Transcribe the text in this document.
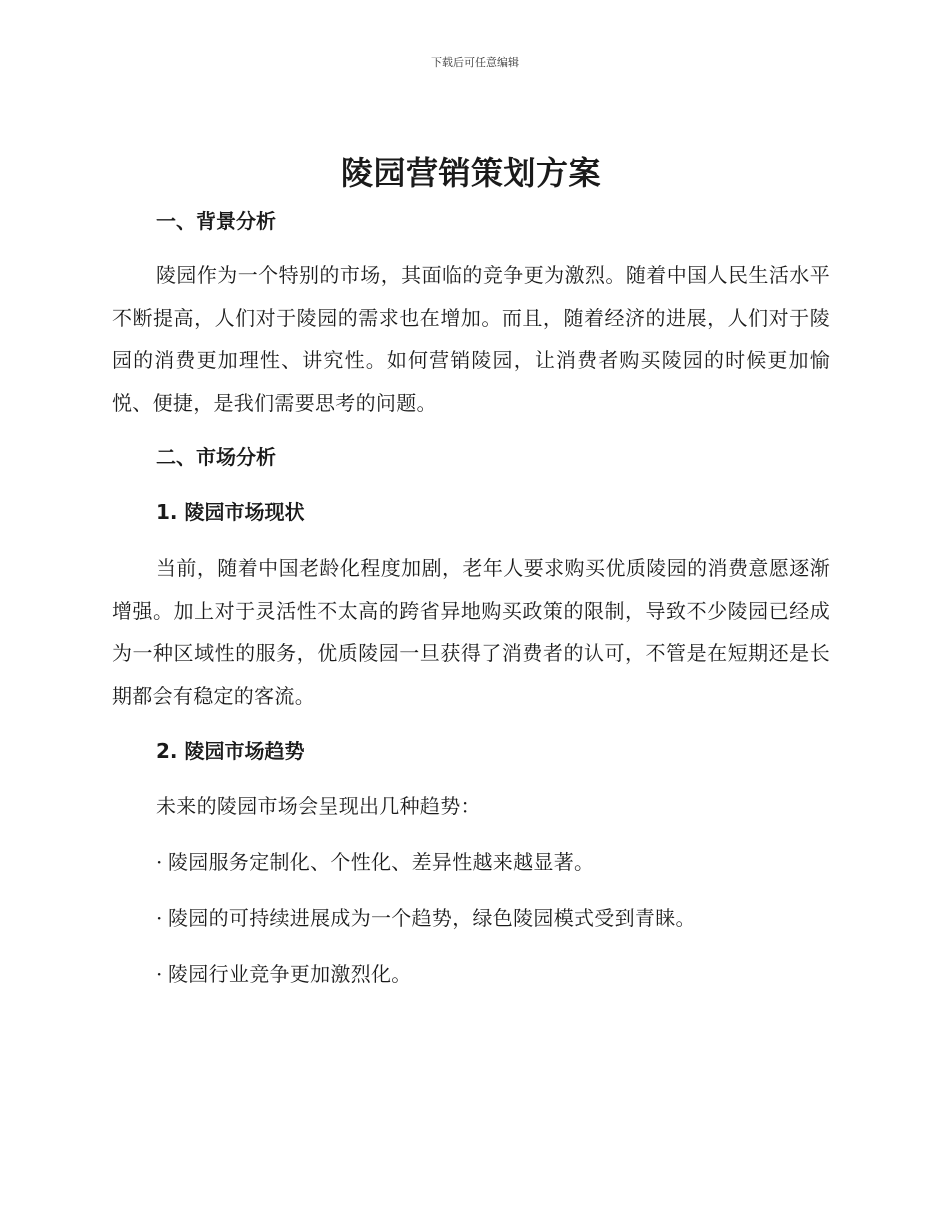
下载后可任意编辑
陵园营销策划方案
一、背景分析

陵园作为一个特别的市场，其面临的竞争更为激烈。随着中国人民生活水平不断提高，人们对于陵园的需求也在增加。而且，随着经济的进展，人们对于陵园的消费更加理性、讲究性。如何营销陵园，让消费者购买陵园的时候更加愉悦、便捷，是我们需要思考的问题。

二、市场分析
1. 陵园市场现状

当前，随着中国老龄化程度加剧，老年人要求购买优质陵园的消费意愿逐渐增强。加上对于灵活性不太高的跨省异地购买政策的限制，导致不少陵园已经成为一种区域性的服务，优质陵园一旦获得了消费者的认可，不管是在短期还是长期都会有稳定的客流。

2. 陵园市场趋势

未来的陵园市场会呈现出几种趋势：

· 陵园服务定制化、个性化、差异性越来越显著。

· 陵园的可持续进展成为一个趋势，绿色陵园模式受到青睐。

· 陵园行业竞争更加激烈化。
